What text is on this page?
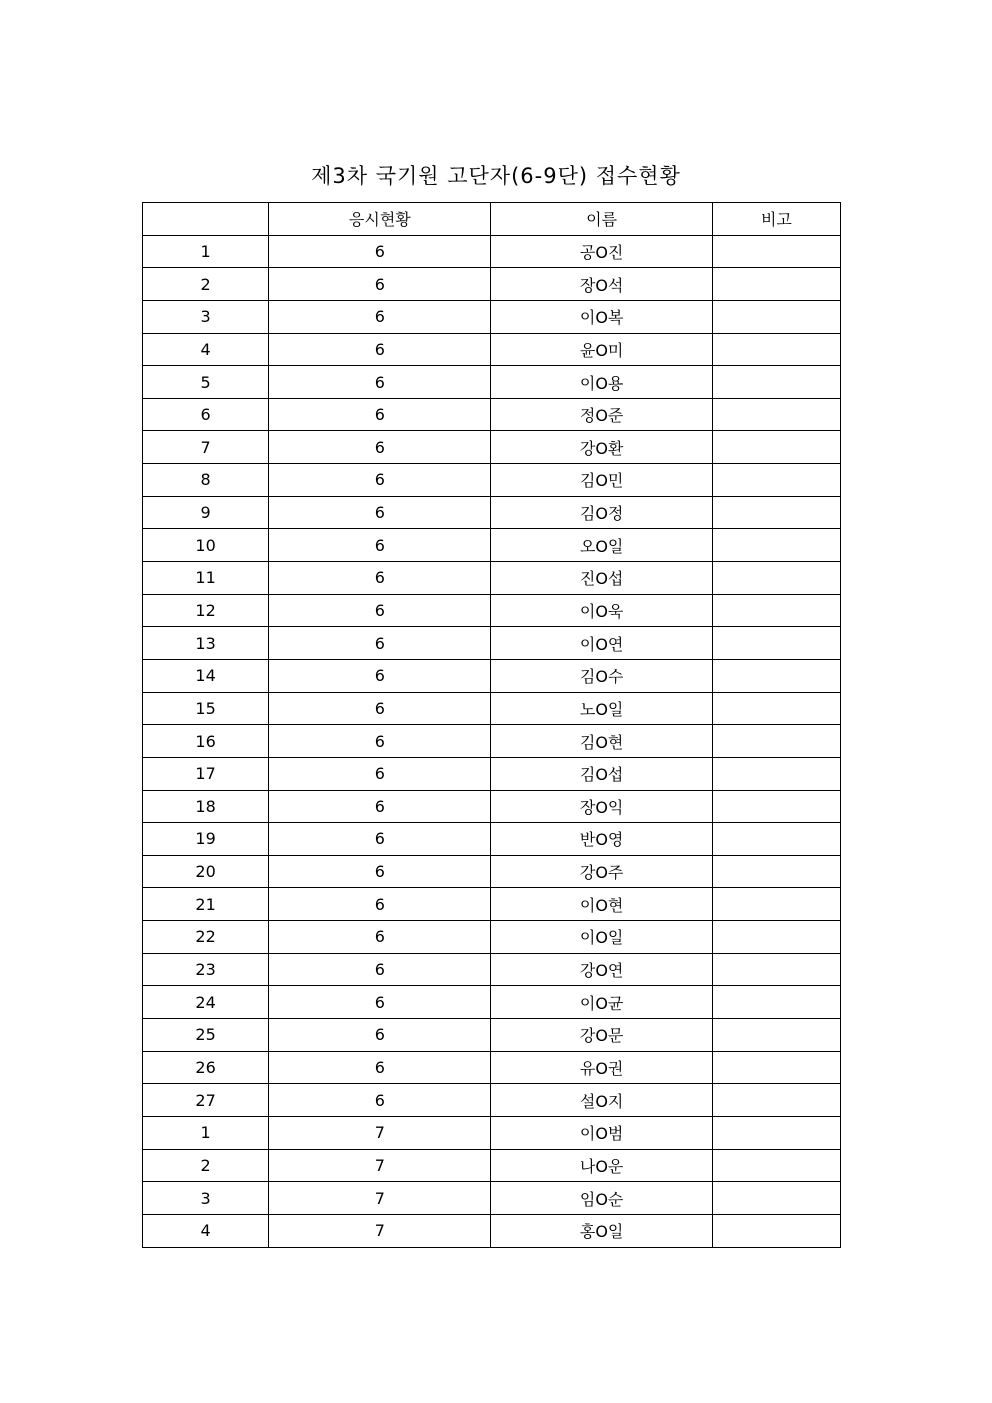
제3차 국기원 고단자(6-9단) 접수현황
	응시현황	이름	비고
1	6	공O진	
2	6	장O석	
3	6	이O복	
4	6	윤O미	
5	6	이O용	
6	6	정O준	
7	6	강O환	
8	6	김O민	
9	6	김O정	
10	6	오O일	
11	6	진O섭	
12	6	이O욱	
13	6	이O연	
14	6	김O수	
15	6	노O일	
16	6	김O현	
17	6	김O섭	
18	6	장O익	
19	6	반O영	
20	6	강O주	
21	6	이O현	
22	6	이O일	
23	6	강O연	
24	6	이O균	
25	6	강O문	
26	6	유O권	
27	6	설O지	
1	7	이O범	
2	7	나O운	
3	7	임O순	
4	7	홍O일	
